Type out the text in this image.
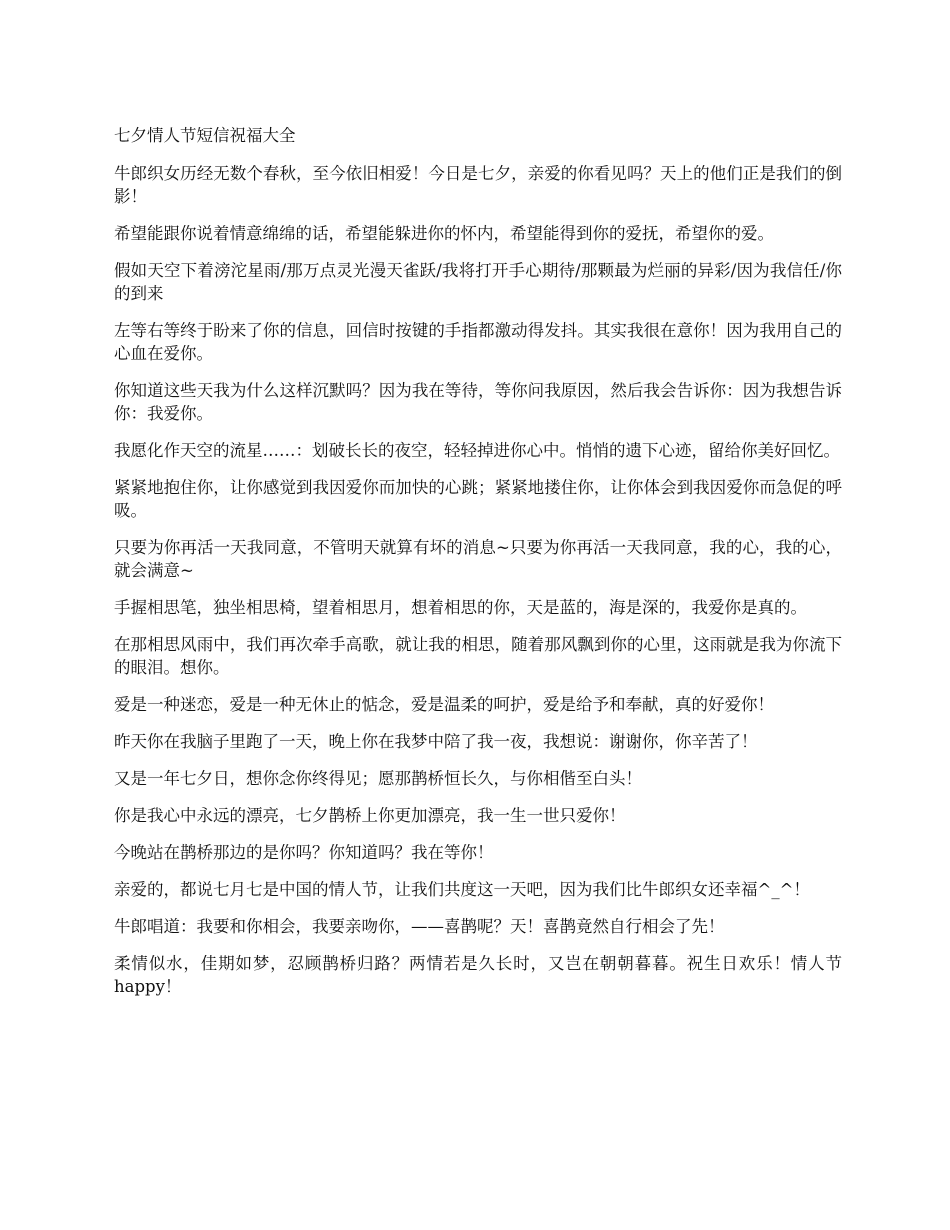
七夕情人节短信祝福大全

牛郎织女历经无数个春秋，至今依旧相爱！今日是七夕，亲爱的你看见吗？天上的他们正是我们的倒影！

希望能跟你说着情意绵绵的话，希望能躲进你的怀内，希望能得到你的爱抚，希望你的爱。

假如天空下着滂沱星雨/那万点灵光漫天雀跃/我将打开手心期待/那颗最为烂丽的异彩/因为我信任/你的到来

左等右等终于盼来了你的信息，回信时按键的手指都激动得发抖。其实我很在意你！因为我用自己的心血在爱你。

你知道这些天我为什么这样沉默吗？因为我在等待，等你问我原因，然后我会告诉你：因为我想告诉你：我爱你。

我愿化作天空的流星……：划破长长的夜空，轻轻掉进你心中。悄悄的遗下心迹，留给你美好回忆。

紧紧地抱住你，让你感觉到我因爱你而加快的心跳；紧紧地搂住你，让你体会到我因爱你而急促的呼吸。

只要为你再活一天我同意，不管明天就算有坏的消息~只要为你再活一天我同意，我的心，我的心，就会满意~

手握相思笔，独坐相思椅，望着相思月，想着相思的你，天是蓝的，海是深的，我爱你是真的。

在那相思风雨中，我们再次牵手高歌，就让我的相思，随着那风飘到你的心里，这雨就是我为你流下的眼泪。想你。

爱是一种迷恋，爱是一种无休止的惦念，爱是温柔的呵护，爱是给予和奉献，真的好爱你！

昨天你在我脑子里跑了一天，晚上你在我梦中陪了我一夜，我想说：谢谢你，你辛苦了！

又是一年七夕日，想你念你终得见；愿那鹊桥恒长久，与你相偕至白头！

你是我心中永远的漂亮，七夕鹊桥上你更加漂亮，我一生一世只爱你！

今晚站在鹊桥那边的是你吗？你知道吗？我在等你！

亲爱的，都说七月七是中国的情人节，让我们共度这一天吧，因为我们比牛郎织女还幸福^_^！

牛郎唱道：我要和你相会，我要亲吻你，——喜鹊呢？天！喜鹊竟然自行相会了先！

柔情似水，佳期如梦，忍顾鹊桥归路？两情若是久长时，又岂在朝朝暮暮。祝生日欢乐！情人节happy！
